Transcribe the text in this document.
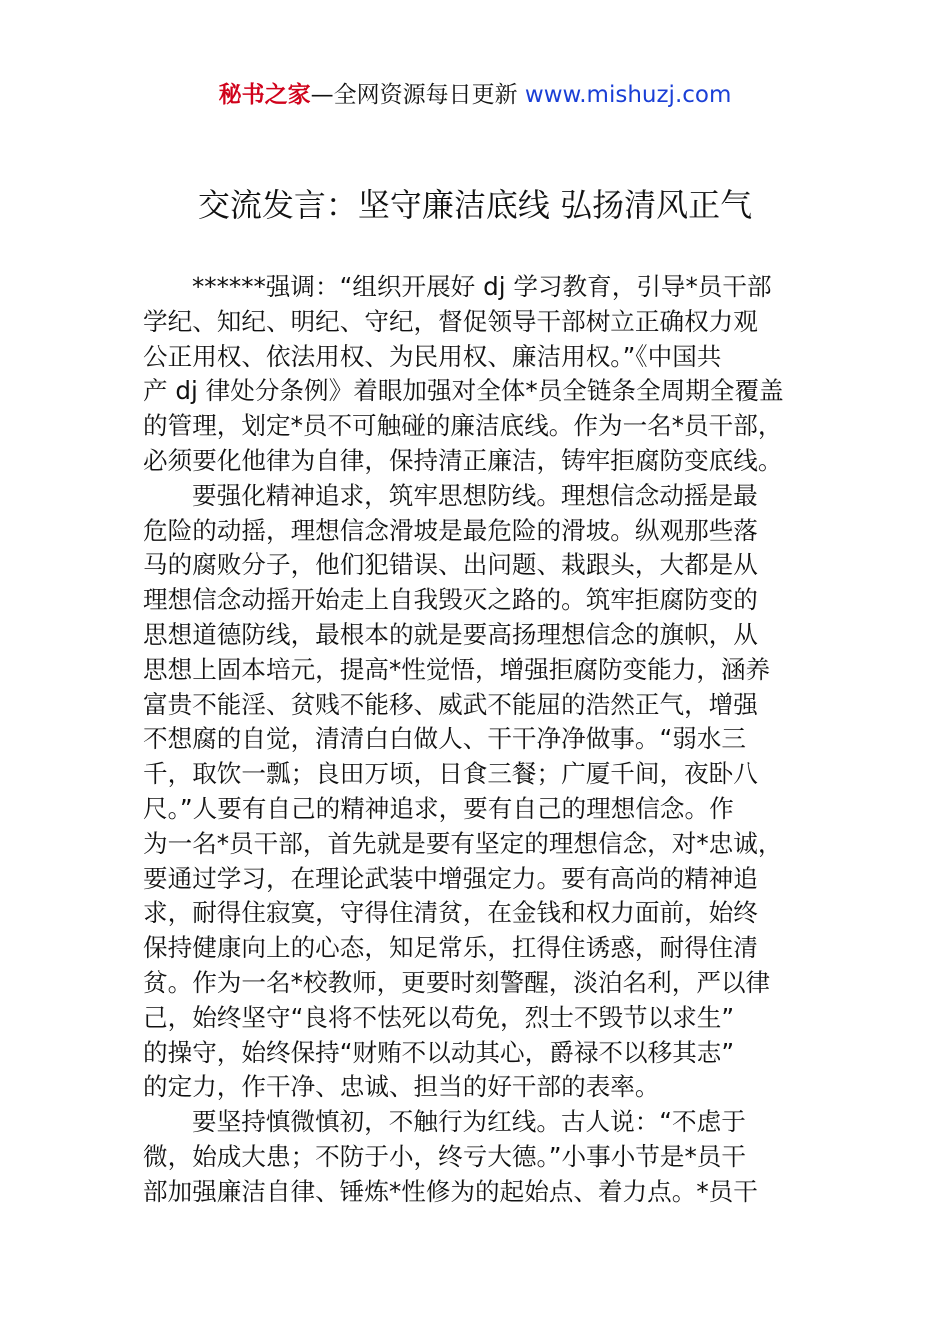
秘书之家—全网资源每日更新 www.mishuzj.com
交流发言：坚守廉洁底线 弘扬清风正气
******强调：“组织开展好 dj 学习教育，引导*员干部
学纪、知纪、明纪、守纪，督促领导干部树立正确权力观
公正用权、依法用权、为民用权、廉洁用权。”《中国共
产 dj 律处分条例》着眼加强对全体*员全链条全周期全覆盖
的管理，划定*员不可触碰的廉洁底线。作为一名*员干部，
必须要化他律为自律，保持清正廉洁，铸牢拒腐防变底线。
要强化精神追求，筑牢思想防线。理想信念动摇是最
危险的动摇，理想信念滑坡是最危险的滑坡。纵观那些落
马的腐败分子，他们犯错误、出问题、栽跟头，大都是从
理想信念动摇开始走上自我毁灭之路的。筑牢拒腐防变的
思想道德防线，最根本的就是要高扬理想信念的旗帜，从
思想上固本培元，提高*性觉悟，增强拒腐防变能力，涵养
富贵不能淫、贫贱不能移、威武不能屈的浩然正气，增强
不想腐的自觉，清清白白做人、干干净净做事。“弱水三
千，取饮一瓢；良田万顷，日食三餐；广厦千间，夜卧八
尺。”人要有自己的精神追求，要有自己的理想信念。作
为一名*员干部，首先就是要有坚定的理想信念，对*忠诚，
要通过学习，在理论武装中增强定力。要有高尚的精神追
求，耐得住寂寞，守得住清贫，在金钱和权力面前，始终
保持健康向上的心态，知足常乐，扛得住诱惑，耐得住清
贫。作为一名*校教师，更要时刻警醒，淡泊名利，严以律
己，始终坚守“良将不怯死以苟免，烈士不毁节以求生”
的操守，始终保持“财贿不以动其心，爵禄不以移其志”
的定力，作干净、忠诚、担当的好干部的表率。
要坚持慎微慎初，不触行为红线。古人说：“不虑于
微，始成大患；不防于小，终亏大德。”小事小节是*员干
部加强廉洁自律、锤炼*性修为的起始点、着力点。*员干
